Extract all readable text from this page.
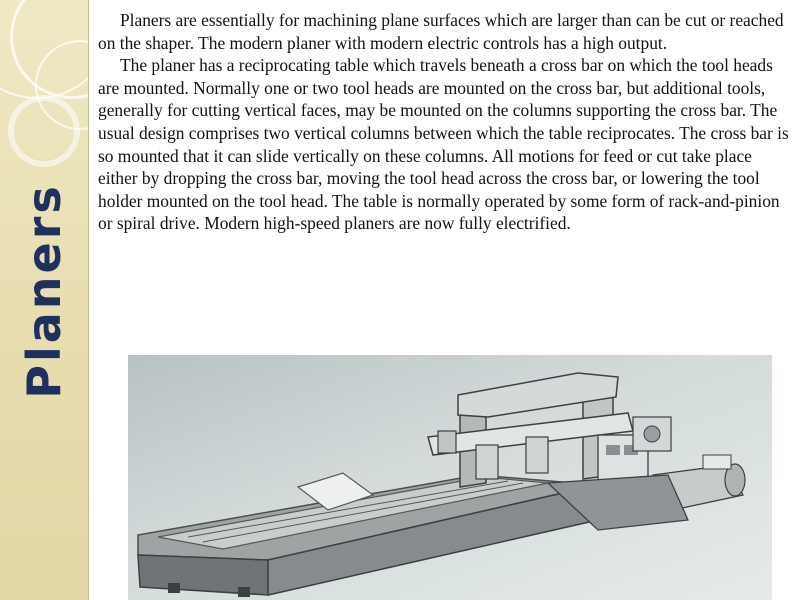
Planers

Planers are essentially for machining plane surfaces which are larger than can be cut or reached on the shaper. The modern planer with modern electric controls has a high output.

The planer has a reciprocating table which travels beneath a cross bar on which the tool heads are mounted. Normally one or two tool heads are mounted on the cross bar, but additional tools, generally for cutting vertical faces, may be mounted on the columns supporting the cross bar. The usual design comprises two vertical columns between which the table reciprocates. The cross bar is so mounted that it can slide vertically on these columns. All motions for feed or cut take place either by dropping the cross bar, moving the tool head across the cross bar, or lowering the tool holder mounted on the tool head. The table is normally operated by some form of rack-and-pinion or spiral drive. Modern high-speed planers are now fully electrified.
